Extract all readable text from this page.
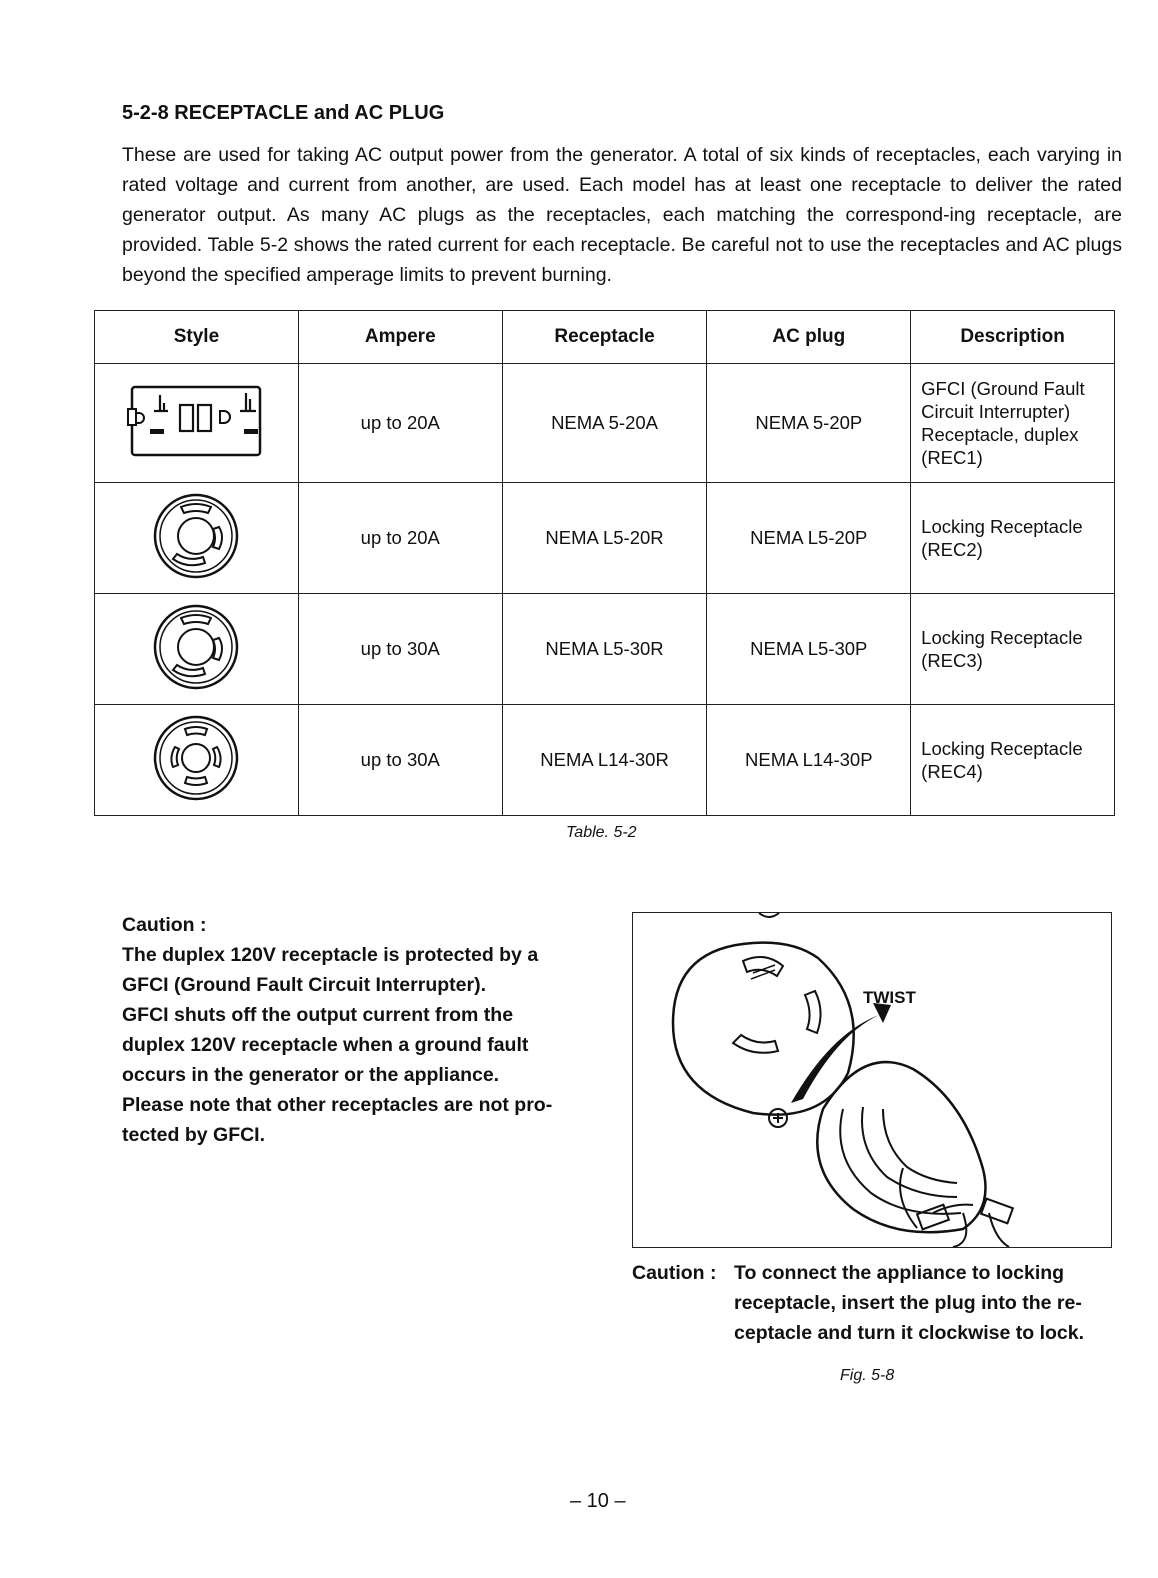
5-2-8 RECEPTACLE and AC PLUG

These are used for taking AC output power from the generator. A total of six kinds of receptacles, each varying in rated voltage and current from another, are used. Each model has at least one receptacle to deliver the rated generator output. As many AC plugs as the receptacles, each matching the correspond-ing receptacle, are provided. Table 5-2 shows the rated current for each receptacle. Be careful not to use the receptacles and AC plugs beyond the specified amperage limits to prevent burning.

Style	Ampere	Receptacle	AC plug	Description
	up to 20A	NEMA 5-20A	NEMA 5-20P	GFCI (Ground Fault
Circuit Interrupter)
Receptacle, duplex
(REC1)

	up to 20A	NEMA L5-20R	NEMA L5-20P	Locking Receptacle
(REC2)

	up to 30A	NEMA L5-30R	NEMA L5-30P	Locking Receptacle
(REC3)

	up to 30A	NEMA L14-30R	NEMA L14-30P	Locking Receptacle
(REC4)
Table. 5-2

Caution :

The duplex 120V receptacle is protected by a

GFCI (Ground Fault Circuit Interrupter).

GFCI shuts off the output current from the

duplex 120V receptacle when a ground fault

occurs in the generator or the appliance.

Please note that other receptacles are not pro-

tected by GFCI.

TWIST
Caution : To connect the appliance to locking
receptacle, insert the plug into the re-
ceptacle and turn it clockwise to lock.
Fig. 5-8
– 10 –
